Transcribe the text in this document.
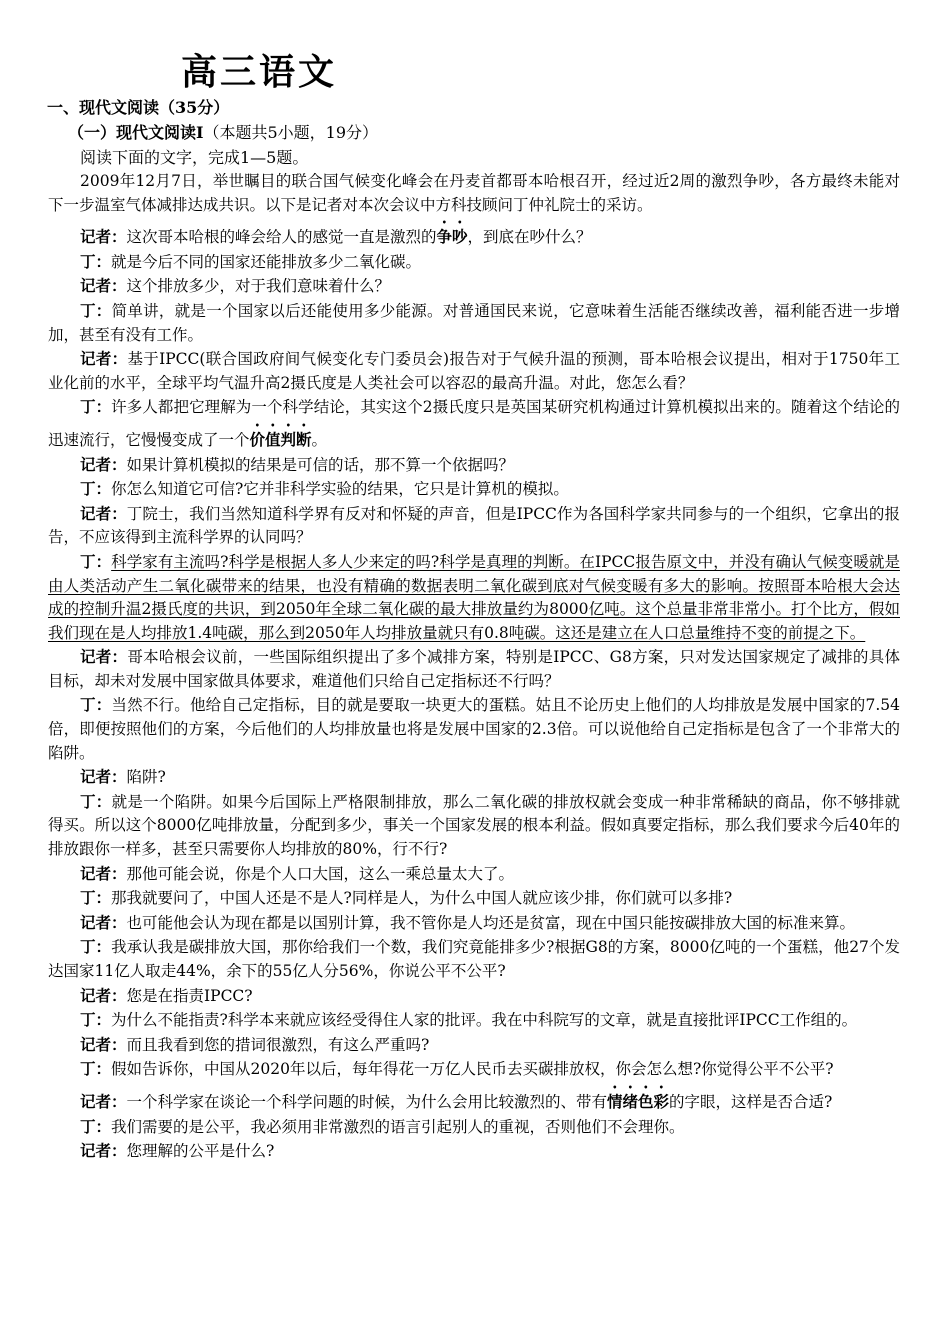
高三语文
一、现代文阅读（35分）
（一）现代文阅读Ⅰ（本题共5小题，19分）
阅读下面的文字，完成1—5题。

2009年12月7日，举世瞩目的联合国气候变化峰会在丹麦首都哥本哈根召开，经过近2周的激烈争吵，各方最终未能对下一步温室气体减排达成共识。以下是记者对本次会议中方科技顾问丁仲礼院士的采访。

记者：这次哥本哈根的峰会给人的感觉一直是激烈的争吵，到底在吵什么？

丁：就是今后不同的国家还能排放多少二氧化碳。

记者：这个排放多少，对于我们意味着什么？

丁：简单讲，就是一个国家以后还能使用多少能源。对普通国民来说，它意味着生活能否继续改善，福利能否进一步增加，甚至有没有工作。

记者：基于IPCC(联合国政府间气候变化专门委员会)报告对于气候升温的预测，哥本哈根会议提出，相对于1750年工业化前的水平，全球平均气温升高2摄氏度是人类社会可以容忍的最高升温。对此，您怎么看？

丁：许多人都把它理解为一个科学结论，其实这个2摄氏度只是英国某研究机构通过计算机模拟出来的。随着这个结论的迅速流行，它慢慢变成了一个价值判断。

记者：如果计算机模拟的结果是可信的话，那不算一个依据吗？

丁：你怎么知道它可信?它并非科学实验的结果，它只是计算机的模拟。

记者：丁院士，我们当然知道科学界有反对和怀疑的声音，但是IPCC作为各国科学家共同参与的一个组织，它拿出的报告，不应该得到主流科学界的认同吗？

丁：科学家有主流吗?科学是根据人多人少来定的吗?科学是真理的判断。在IPCC报告原文中，并没有确认气候变暖就是由人类活动产生二氧化碳带来的结果，也没有精确的数据表明二氧化碳到底对气候变暖有多大的影响。按照哥本哈根大会达成的控制升温2摄氏度的共识，到2050年全球二氧化碳的最大排放量约为8000亿吨。这个总量非常非常小。打个比方，假如我们现在是人均排放1.4吨碳，那么到2050年人均排放量就只有0.8吨碳。这还是建立在人口总量维持不变的前提之下。

记者：哥本哈根会议前，一些国际组织提出了多个减排方案，特别是IPCC、G8方案，只对发达国家规定了减排的具体目标，却未对发展中国家做具体要求，难道他们只给自己定指标还不行吗？

丁：当然不行。他给自己定指标，目的就是要取一块更大的蛋糕。姑且不论历史上他们的人均排放是发展中国家的7.54倍，即便按照他们的方案，今后他们的人均排放量也将是发展中国家的2.3倍。可以说他给自己定指标是包含了一个非常大的陷阱。

记者：陷阱?

丁：就是一个陷阱。如果今后国际上严格限制排放，那么二氧化碳的排放权就会变成一种非常稀缺的商品，你不够排就得买。所以这个8000亿吨排放量，分配到多少，事关一个国家发展的根本利益。假如真要定指标，那么我们要求今后40年的排放跟你一样多，甚至只需要你人均排放的80%，行不行?

记者：那他可能会说，你是个人口大国，这么一乘总量太大了。

丁：那我就要问了，中国人还是不是人?同样是人，为什么中国人就应该少排，你们就可以多排?

记者：也可能他会认为现在都是以国别计算，我不管你是人均还是贫富，现在中国只能按碳排放大国的标准来算。

丁：我承认我是碳排放大国，那你给我们一个数，我们究竟能排多少?根据G8的方案，8000亿吨的一个蛋糕，他27个发达国家11亿人取走44%，余下的55亿人分56%，你说公平不公平?

记者：您是在指责IPCC?

丁：为什么不能指责?科学本来就应该经受得住人家的批评。我在中科院写的文章，就是直接批评IPCC工作组的。

记者：而且我看到您的措词很激烈，有这么严重吗?

丁：假如告诉你，中国从2020年以后，每年得花一万亿人民币去买碳排放权，你会怎么想?你觉得公平不公平?

记者：一个科学家在谈论一个科学问题的时候，为什么会用比较激烈的、带有情绪色彩的字眼，这样是否合适?

丁：我们需要的是公平，我必须用非常激烈的语言引起别人的重视，否则他们不会理你。

记者：您理解的公平是什么?
